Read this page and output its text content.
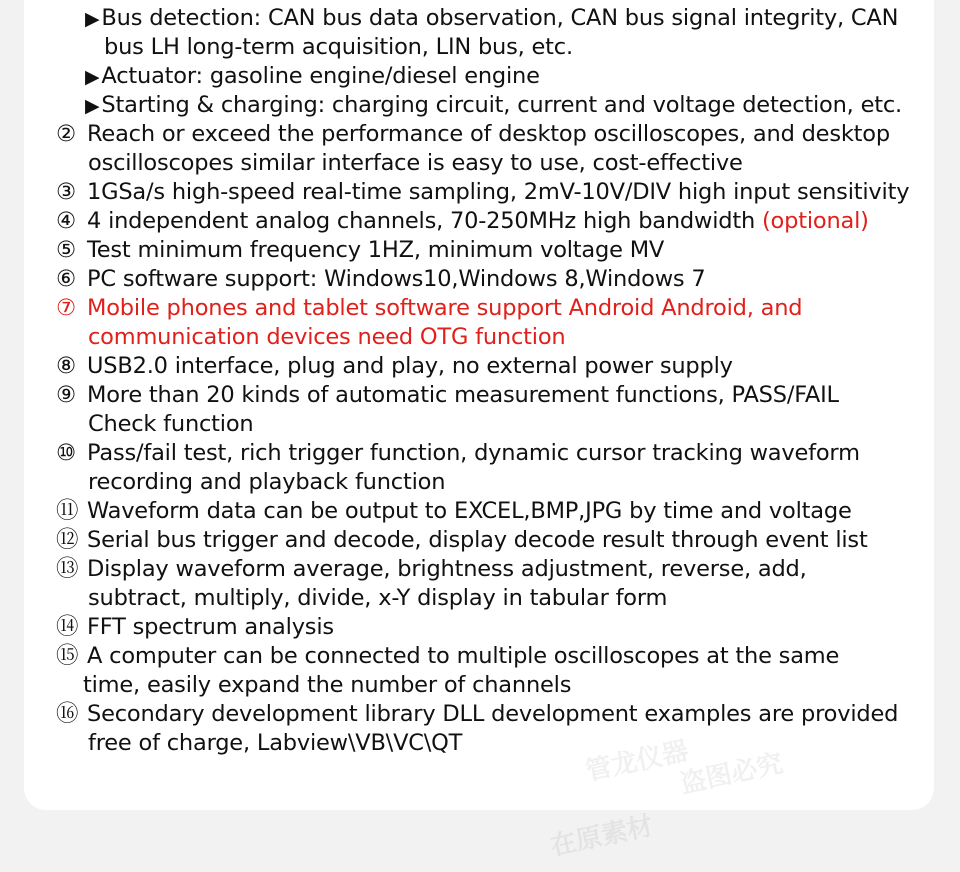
▶Bus detection: CAN bus data observation, CAN bus signal integrity, CAN
bus LH long-term acquisition, LIN bus, etc.
▶Actuator: gasoline engine/diesel engine
▶Starting & charging: charging circuit, current and voltage detection, etc.
② Reach or exceed the performance of desktop oscilloscopes, and desktop
oscilloscopes similar interface is easy to use, cost-effective
③ 1GSa/s high-speed real-time sampling, 2mV-10V/DIV high input sensitivity
④ 4 independent analog channels, 70-250MHz high bandwidth (optional)
⑤ Test minimum frequency 1HZ, minimum voltage MV
⑥ PC software support: Windows10,Windows 8,Windows 7
⑦ Mobile phones and tablet software support Android Android, and
communication devices need OTG function
⑧ USB2.0 interface, plug and play, no external power supply
⑨ More than 20 kinds of automatic measurement functions, PASS/FAIL
Check function
⑩ Pass/fail test, rich trigger function, dynamic cursor tracking waveform
recording and playback function
⑪ Waveform data can be output to EXCEL,BMP,JPG by time and voltage
⑫ Serial bus trigger and decode, display decode result through event list
⑬ Display waveform average, brightness adjustment, reverse, add,
subtract, multiply, divide, x-Y display in tabular form
⑭ FFT spectrum analysis
⑮ A computer can be connected to multiple oscilloscopes at the same
time, easily expand the number of channels
⑯ Secondary development library DLL development examples are provided
free of charge, Labview\VB\VC\QT
在原素材
